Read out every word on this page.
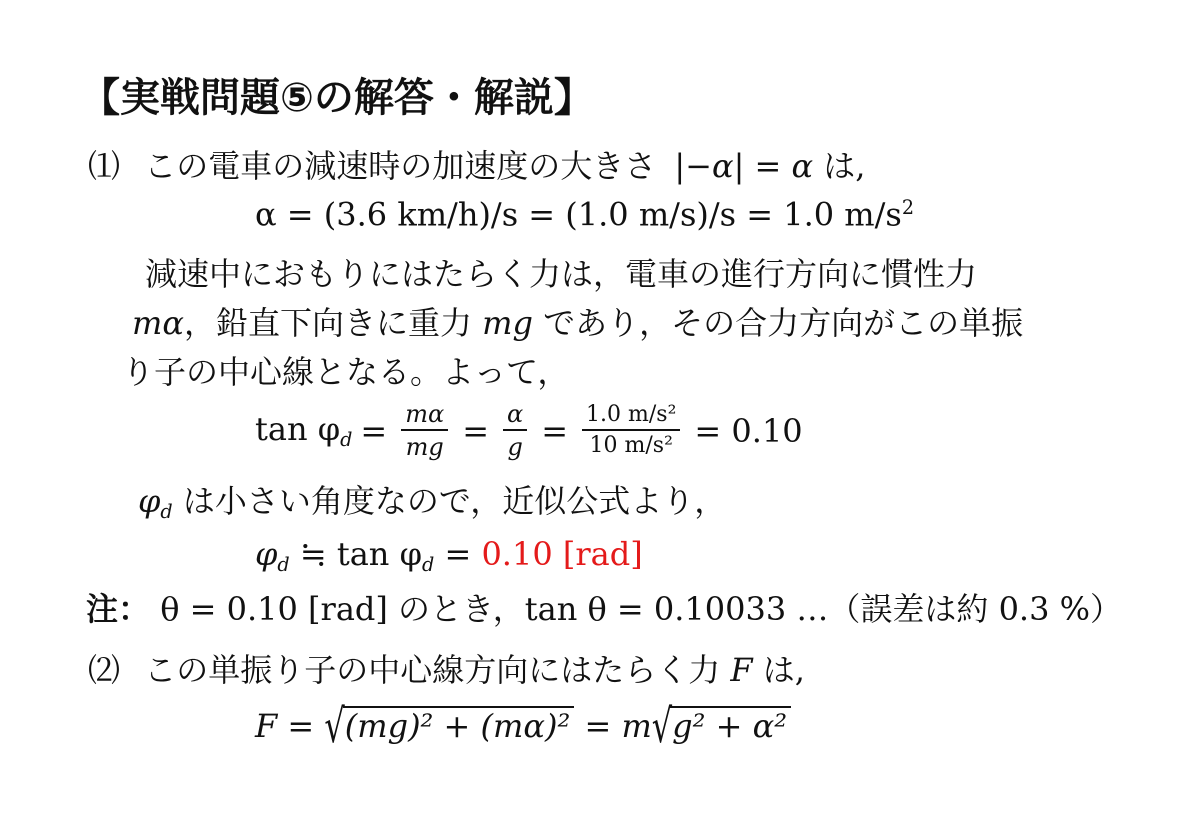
【実戦問題⑤の解答・解説】
⑴ この電車の減速時の加速度の大きさ |−α| = α は,
α = (3.6 km/h)/s = (1.0 m/s)/s = 1.0 $m/s^2$
減速中におもりにはたらく力は，電車の進行方向に慣性力
mα，鉛直下向きに重力 mg であり，その合力方向がこの単振
り子の中心線となる。よって，
$\tan \varphi_d = \frac{m\alpha}{mg} = \frac{\alpha}{g} = \frac{\text{1.0 m/s²}}{\text{10 m/s²}} = 0.10$
$\varphi_d$ は小さい角度なので，近似公式より，
$\varphi_d$ ≒ $\tan \varphi_d = 0.10$ [rad]
注： θ = 0.10 [rad] のとき，tan θ = 0.10033 …（誤差は約 0.3 %）
⑵ この単振り子の中心線方向にはたらく力 F は,
F = √(mg)² + (mα)² = m√g² + α²
